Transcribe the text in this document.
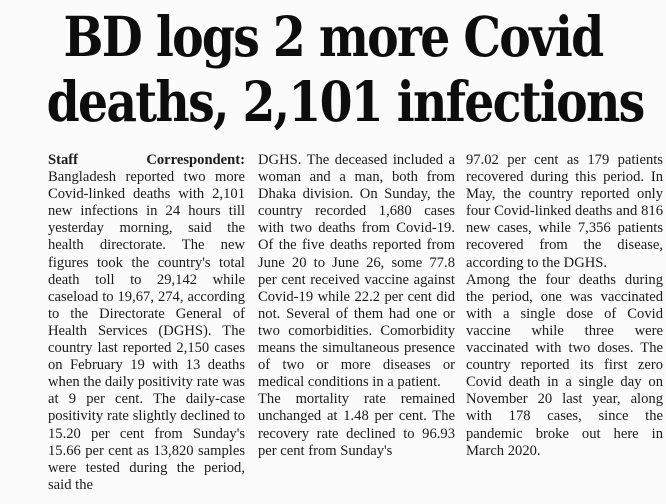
BD logs 2 more Covid
deaths, 2,101 infections

Staff Correspondent: Bangladesh reported two more Covid-linked deaths with 2,101 new infections in 24 hours till yesterday morning, said the health directorate. The new figures took the country's total death toll to 29,142 while caseload to 19,67, 274, according to the Directorate General of Health Services (DGHS). The country last reported 2,150 cases on February 19 with 13 deaths when the daily positivity rate was at 9 per cent. The daily-case positivity rate slightly declined to 15.20 per cent from Sunday's 15.66 per cent as 13,820 samples were tested during the period, said the

DGHS. The deceased included a woman and a man, both from Dhaka division. On Sunday, the country recorded 1,680 cases with two deaths from Covid-19. Of the five deaths reported from June 20 to June 26, some 77.8 per cent received vaccine against Covid-19 while 22.2 per cent did not. Several of them had one or two comorbidities. Comorbidity means the simultaneous presence of two or more diseases or medical conditions in a patient.

The mortality rate remained unchanged at 1.48 per cent. The recovery rate declined to 96.93 per cent from Sunday's

97.02 per cent as 179 patients recovered during this period. In May, the country reported only four Covid-linked deaths and 816 new cases, while 7,356 patients recovered from the disease, according to the DGHS.

Among the four deaths during the period, one was vaccinated with a single dose of Covid vaccine while three were vaccinated with two doses. The country reported its first zero Covid death in a single day on November 20 last year, along with 178 cases, since the pandemic broke out here in March 2020.
